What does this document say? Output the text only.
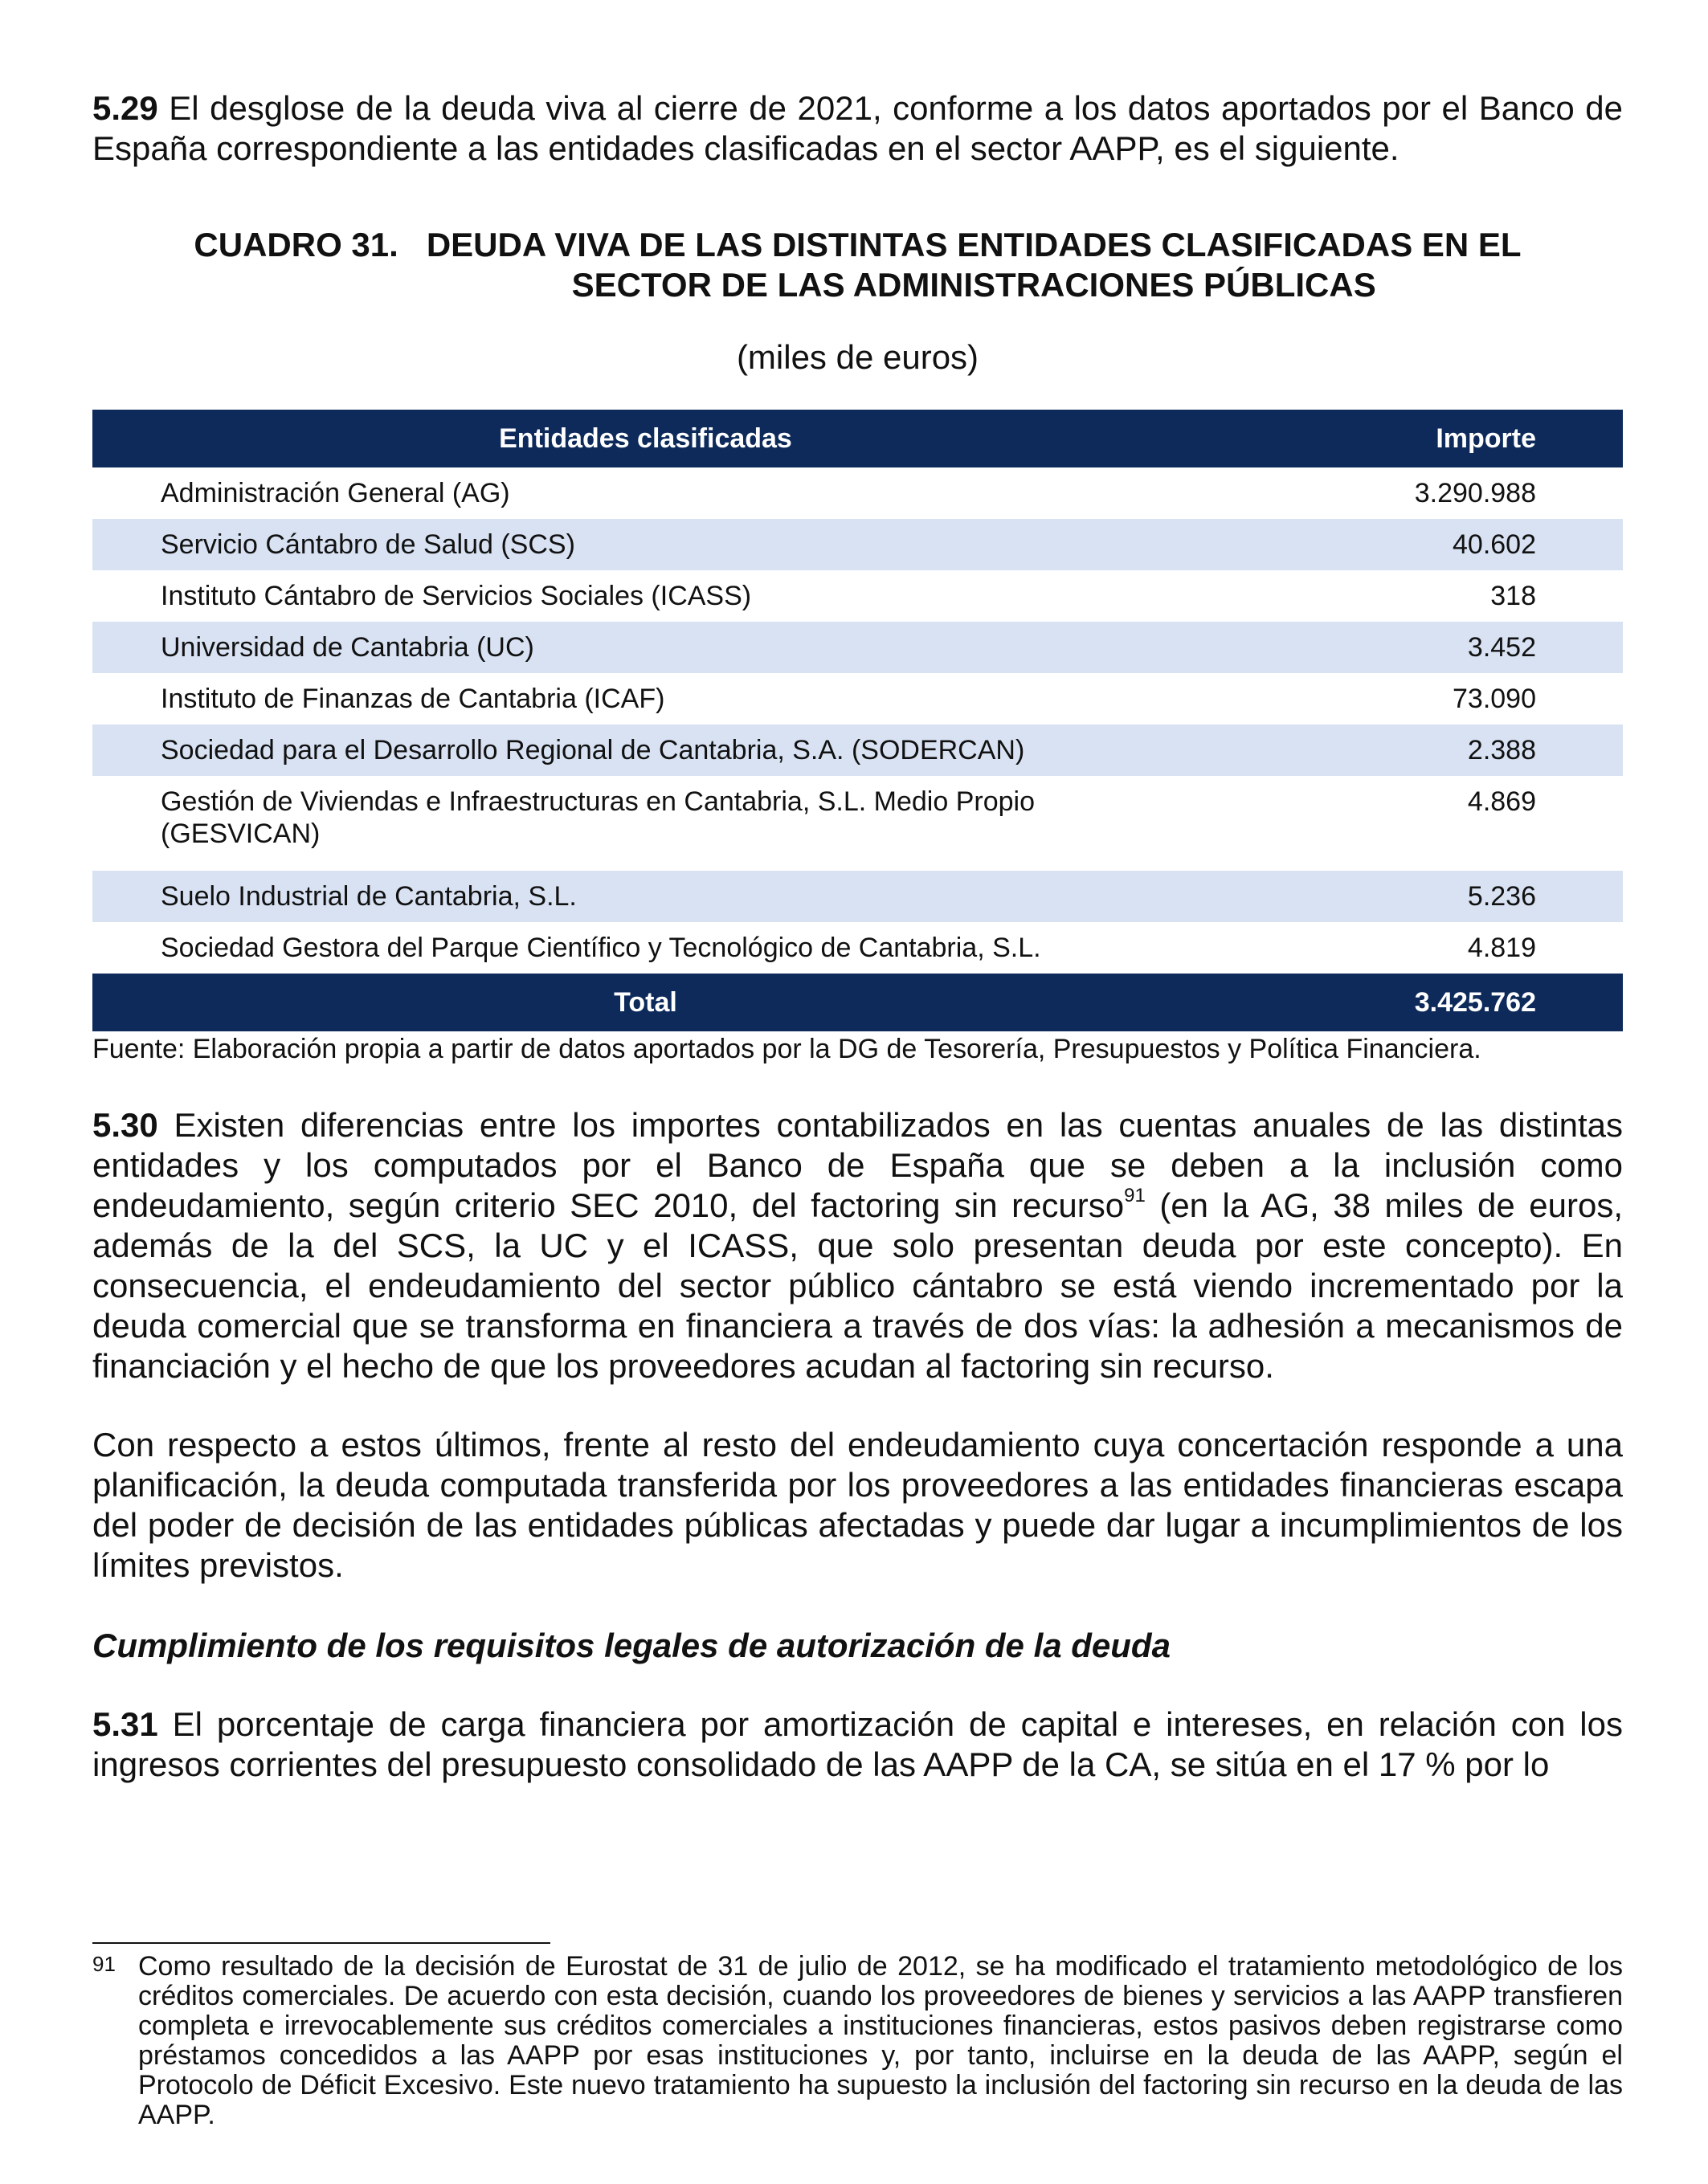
5.29 El desglose de la deuda viva al cierre de 2021, conforme a los datos aportados por el Banco de España correspondiente a las entidades clasificadas en el sector AAPP, es el siguiente.

CUADRO 31.
DEUDA VIVA DE LAS DISTINTAS ENTIDADES CLASIFICADAS EN EL
SECTOR DE LAS ADMINISTRACIONES PÚBLICAS

(miles de euros)

Entidades clasificadas	Importe
Administración General (AG)	3.290.988
Servicio Cántabro de Salud (SCS)	40.602
Instituto Cántabro de Servicios Sociales (ICASS)	318
Universidad de Cantabria (UC)	3.452
Instituto de Finanzas de Cantabria (ICAF)	73.090
Sociedad para el Desarrollo Regional de Cantabria, S.A. (SODERCAN)	2.388

Gestión de Viviendas e Infraestructuras en Cantabria, S.L. Medio Propio
(GESVICAN)	4.869
Suelo Industrial de Cantabria, S.L.	5.236
Sociedad Gestora del Parque Científico y Tecnológico de Cantabria, S.L.	4.819
Total	3.425.762

Fuente: Elaboración propia a partir de datos aportados por la DG de Tesorería, Presupuestos y Política Financiera.

5.30 Existen diferencias entre los importes contabilizados en las cuentas anuales de las distintas entidades y los computados por el Banco de España que se deben a la inclusión como endeudamiento, según criterio SEC 2010, del factoring sin recurso$^{91}$ (en la AG, 38 miles de euros, además de la del SCS, la UC y el ICASS, que solo presentan deuda por este concepto). En consecuencia, el endeudamiento del sector público cántabro se está viendo incrementado por la deuda comercial que se transforma en financiera a través de dos vías: la adhesión a mecanismos de financiación y el hecho de que los proveedores acudan al factoring sin recurso.

Con respecto a estos últimos, frente al resto del endeudamiento cuya concertación responde a una planificación, la deuda computada transferida por los proveedores a las entidades financieras escapa del poder de decisión de las entidades públicas afectadas y puede dar lugar a incumplimientos de los límites previstos.

Cumplimiento de los requisitos legales de autorización de la deuda

5.31 El porcentaje de carga financiera por amortización de capital e intereses, en relación con los ingresos corrientes del presupuesto consolidado de las AAPP de la CA, se sitúa en el 17 % por lo

91 Como resultado de la decisión de Eurostat de 31 de julio de 2012, se ha modificado el tratamiento metodológico de los créditos comerciales. De acuerdo con esta decisión, cuando los proveedores de bienes y servicios a las AAPP transfieren completa e irrevocablemente sus créditos comerciales a instituciones financieras, estos pasivos deben registrarse como préstamos concedidos a las AAPP por esas instituciones y, por tanto, incluirse en la deuda de las AAPP, según el Protocolo de Déficit Excesivo. Este nuevo tratamiento ha supuesto la inclusión del factoring sin recurso en la deuda de las AAPP.
